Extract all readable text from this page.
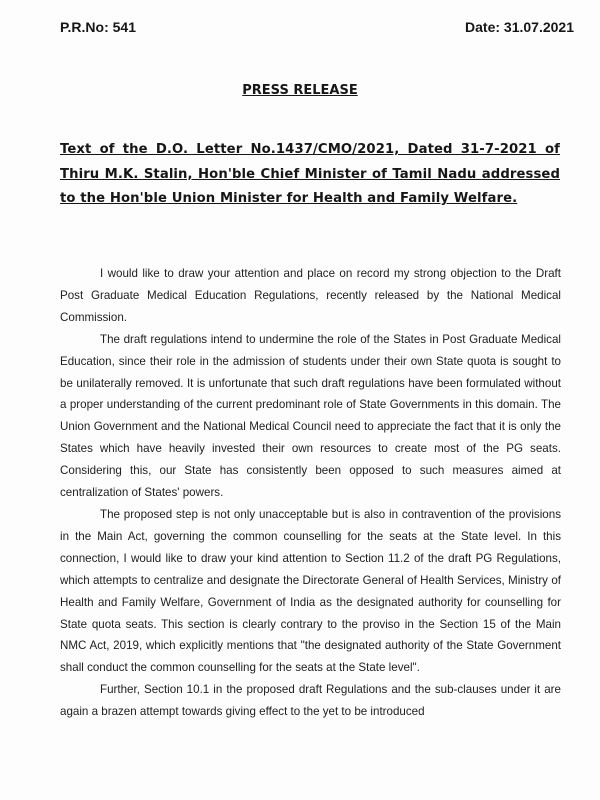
P.R.No: 541	Date: 31.07.2021
PRESS RELEASE
Text of the D.O. Letter No.1437/CMO/2021, Dated 31-7-2021 of Thiru M.K. Stalin, Hon'ble Chief Minister of Tamil Nadu addressed to the Hon'ble Union Minister for Health and Family Welfare.

I would like to draw your attention and place on record my strong objection to the Draft Post Graduate Medical Education Regulations, recently released by the National Medical Commission.

The draft regulations intend to undermine the role of the States in Post Graduate Medical Education, since their role in the admission of students under their own State quota is sought to be unilaterally removed. It is unfortunate that such draft regulations have been formulated without a proper understanding of the current predominant role of State Governments in this domain. The Union Government and the National Medical Council need to appreciate the fact that it is only the States which have heavily invested their own resources to create most of the PG seats. Considering this, our State has consistently been opposed to such measures aimed at centralization of States' powers.

The proposed step is not only unacceptable but is also in contravention of the provisions in the Main Act, governing the common counselling for the seats at the State level. In this connection, I would like to draw your kind attention to Section 11.2 of the draft PG Regulations, which attempts to centralize and designate the Directorate General of Health Services, Ministry of Health and Family Welfare, Government of India as the designated authority for counselling for State quota seats. This section is clearly contrary to the proviso in the Section 15 of the Main NMC Act, 2019, which explicitly mentions that "the designated authority of the State Government shall conduct the common counselling for the seats at the State level".

Further, Section 10.1 in the proposed draft Regulations and the sub-clauses under it are again a brazen attempt towards giving effect to the yet to be introduced
